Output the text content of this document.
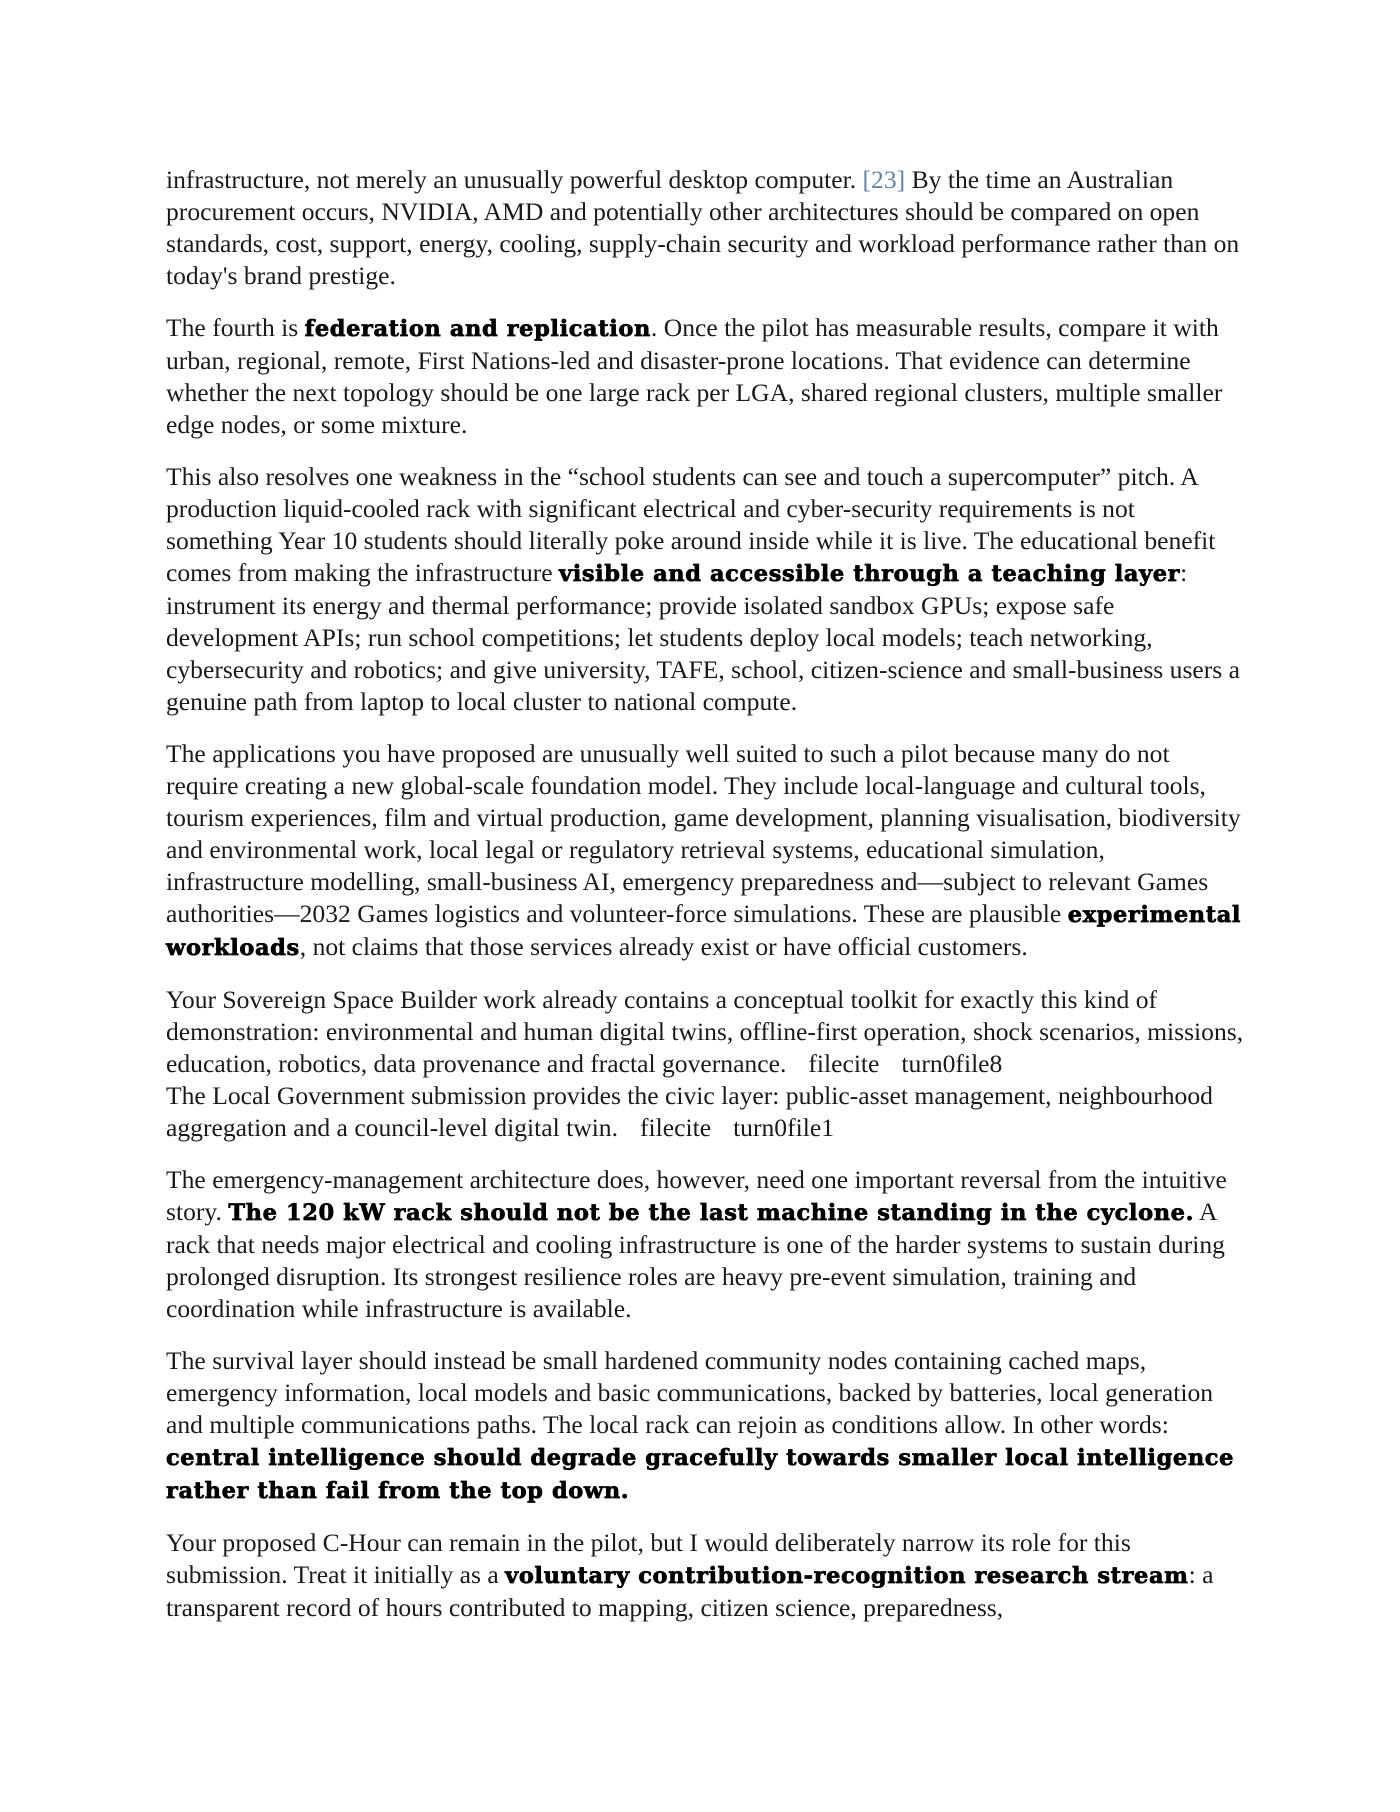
infrastructure, not merely an unusually powerful desktop computer. [23] By the time an Australian procurement occurs, NVIDIA, AMD and potentially other architectures should be compared on open standards, cost, support, energy, cooling, supply-chain security and workload performance rather than on today's brand prestige.

The fourth is federation and replication. Once the pilot has measurable results, compare it with urban, regional, remote, First Nations-led and disaster-prone locations. That evidence can determine whether the next topology should be one large rack per LGA, shared regional clusters, multiple smaller edge nodes, or some mixture.

This also resolves one weakness in the “school students can see and touch a supercomputer” pitch. A production liquid-cooled rack with significant electrical and cyber-security requirements is not something Year 10 students should literally poke around inside while it is live. The educational benefit comes from making the infrastructure visible and accessible through a teaching layer: instrument its energy and thermal performance; provide isolated sandbox GPUs; expose safe development APIs; run school competitions; let students deploy local models; teach networking, cybersecurity and robotics; and give university, TAFE, school, citizen-science and small-business users a genuine path from laptop to local cluster to national compute.

The applications you have proposed are unusually well suited to such a pilot because many do not require creating a new global-scale foundation model. They include local-language and cultural tools, tourism experiences, film and virtual production, game development, planning visualisation, biodiversity and environmental work, local legal or regulatory retrieval systems, educational simulation, infrastructure modelling, small-business AI, emergency preparedness and—subject to relevant Games authorities—2032 Games logistics and volunteer-force simulations. These are plausible experimental workloads, not claims that those services already exist or have official customers.

Your Sovereign Space Builder work already contains a conceptual toolkit for exactly this kind of demonstration: environmental and human digital twins, offline-first operation, shock scenarios, missions, education, robotics, data provenance and fractal governance. filecite turn0file8
The Local Government submission provides the civic layer: public-asset management, neighbourhood aggregation and a council-level digital twin. filecite turn0file1

The emergency-management architecture does, however, need one important reversal from the intuitive story. The 120 kW rack should not be the last machine standing in the cyclone. A rack that needs major electrical and cooling infrastructure is one of the harder systems to sustain during prolonged disruption. Its strongest resilience roles are heavy pre-event simulation, training and coordination while infrastructure is available.

The survival layer should instead be small hardened community nodes containing cached maps, emergency information, local models and basic communications, backed by batteries, local generation and multiple communications paths. The local rack can rejoin as conditions allow. In other words: central intelligence should degrade gracefully towards smaller local intelligence rather than fail from the top down.

Your proposed C-Hour can remain in the pilot, but I would deliberately narrow its role for this submission. Treat it initially as a voluntary contribution-recognition research stream: a transparent record of hours contributed to mapping, citizen science, preparedness,
